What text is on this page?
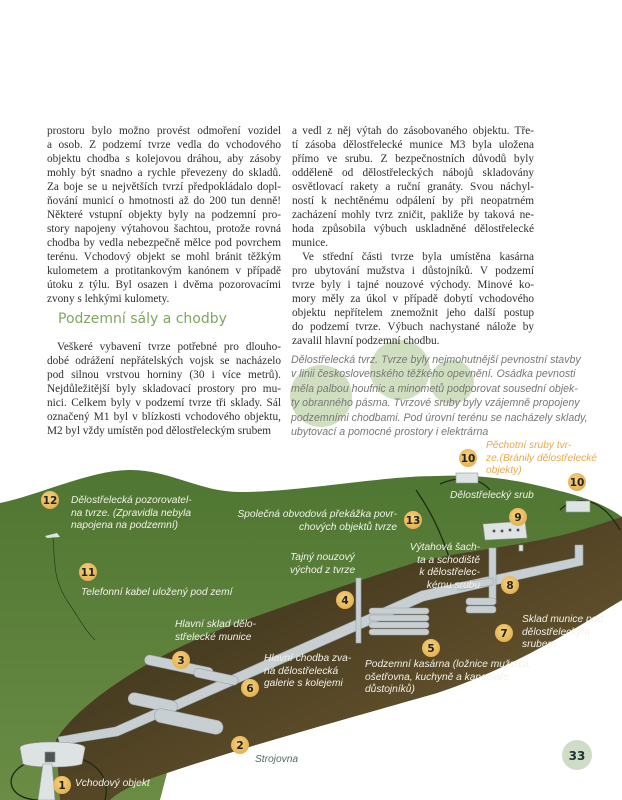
prostoru bylo možno provést odmoření vozidel
a osob. Z podzemí tvrze vedla do vchodového
objektu chodba s kolejovou dráhou, aby zásoby
mohly být snadno a rychle převezeny do skladů.
Za boje se u největších tvrzí předpokládalo dopl-
ňování municí o hmotnosti až do 200 tun denně!
Některé vstupní objekty byly na podzemní pro-
story napojeny výtahovou šachtou, protože rovná
chodba by vedla nebezpečně mělce pod povrchem
terénu. Vchodový objekt se mohl bránit těžkým
kulometem a protitankovým kanónem v případě
útoku z týlu. Byl osazen i dvěma pozorovacími
zvony s lehkými kulomety.
Podzemní sály a chodby
Veškeré vybavení tvrze potřebné pro dlouho-
dobé odrážení nepřátelských vojsk se nacházelo
pod silnou vrstvou horniny (30 i více metrů).
Nejdůležitější byly skladovací prostory pro mu-
nici. Celkem byly v podzemí tvrze tři sklady. Sál
označený M1 byl v blízkosti vchodového objektu,
M2 byl vždy umístěn pod dělostřeleckým srubem
a vedl z něj výtah do zásobovaného objektu. Tře-
tí zásoba dělostřelecké munice M3 byla uložena
přímo ve srubu. Z bezpečnostních důvodů byly
odděleně od dělostřeleckých nábojů skladovány
osvětlovací rakety a ruční granáty. Svou náchyl-
ností k nechtěnému odpálení by při neopatrném
zacházení mohly tvrz zničit, pakliže by taková ne-
hoda způsobila výbuch uskladněné dělostřelecké
munice.
Ve střední části tvrze byla umístěna kasárna
pro ubytování mužstva i důstojníků. V podzemí
tvrze byly i tajné nouzové východy. Minové ko-
mory měly za úkol v případě dobytí vchodového
objektu nepřítelem znemožnit jeho další postup
do podzemí tvrze. Výbuch nachystané nálože by
zavalil hlavní podzemní chodbu.
Dělostřelecká tvrz. Tvrze byly nejmohutnější pevnostní stavby
v linii československého těžkého opevnění. Osádka pevnosti
měla palbou houfnic a minometů podporovat sousední objek-
ty obranného pásma. Tvrzové sruby byly vzájemně propojeny
podzemními chodbami. Pod úrovní terénu se nacházely sklady,
ubytovací a pomocné prostory i elektrárna
Dělostřelecká pozorovatel-
na tvrze. (Zpravidla nebyla
napojena na podzemní)
Telefonní kabel uložený pod zemí
Společná obvodová překážka povr-
chových objektů tvrze
Tajný nouzový
východ z tvrze
Výtahová šach-
ta a schodiště
k dělostřelec-
kému srubu
Dělostřelecký srub
Pěchotní sruby tvr-
ze.(Bránily dělostřelecké
objekty)
Hlavní sklad dělo-
střelecké munice
Hlavní chodba zva-
ná dělostřelecká
galerie s kolejemi
Podzemní kasárna (ložnice mužstva,
ošetřovna, kuchyně a kanceláře
důstojníků)
Sklad munice pod
dělostřeleckým
srubem
Strojovna
Vchodový objekt
1
2
3
4
5
6
7
8
9
10
10
11
12
13
33
